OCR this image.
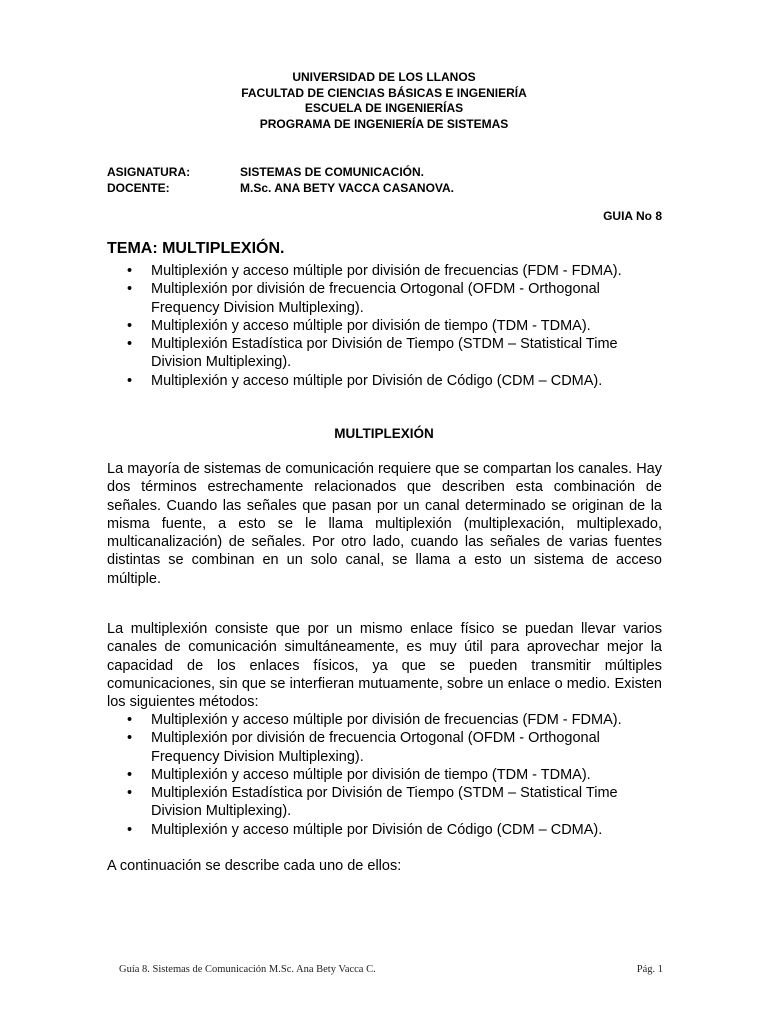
UNIVERSIDAD DE LOS LLANOS
FACULTAD DE CIENCIAS BÁSICAS E INGENIERÍA
ESCUELA DE INGENIERÍAS
PROGRAMA DE INGENIERÍA DE SISTEMAS
ASIGNATURA:	SISTEMAS DE COMUNICACIÓN.
DOCENTE:	M.Sc. ANA BETY VACCA CASANOVA.
GUIA No 8
TEMA: MULTIPLEXIÓN.
• Multiplexión y acceso múltiple por división de frecuencias (FDM - FDMA).
• Multiplexión por división de frecuencia Ortogonal (OFDM - Orthogonal Frequency Division Multiplexing).
• Multiplexión y acceso múltiple por división de tiempo (TDM - TDMA).
• Multiplexión Estadística por División de Tiempo (STDM – Statistical Time Division Multiplexing).
• Multiplexión y acceso múltiple por División de Código (CDM – CDMA).
MULTIPLEXIÓN

La mayoría de sistemas de comunicación requiere que se compartan los canales. Hay dos términos estrechamente relacionados que describen esta combinación de señales. Cuando las señales que pasan por un canal determinado se originan de la misma fuente, a esto se le llama multiplexión (multiplexación, multiplexado, multicanalización) de señales. Por otro lado, cuando las señales de varias fuentes distintas se combinan en un solo canal, se llama a esto un sistema de acceso múltiple.

La multiplexión consiste que por un mismo enlace físico se puedan llevar varios canales de comunicación simultáneamente, es muy útil para aprovechar mejor la capacidad de los enlaces físicos, ya que se pueden transmitir múltiples comunicaciones, sin que se interfieran mutuamente, sobre un enlace o medio. Existen los siguientes métodos:

• Multiplexión y acceso múltiple por división de frecuencias (FDM - FDMA).
• Multiplexión por división de frecuencia Ortogonal (OFDM - Orthogonal Frequency Division Multiplexing).
• Multiplexión y acceso múltiple por división de tiempo (TDM - TDMA).
• Multiplexión Estadística por División de Tiempo (STDM – Statistical Time Division Multiplexing).
• Multiplexión y acceso múltiple por División de Código (CDM – CDMA).

A continuación se describe cada uno de ellos:

Guía 8. Sistemas de Comunicación M.Sc. Ana Bety Vacca C.	Pág. 1
